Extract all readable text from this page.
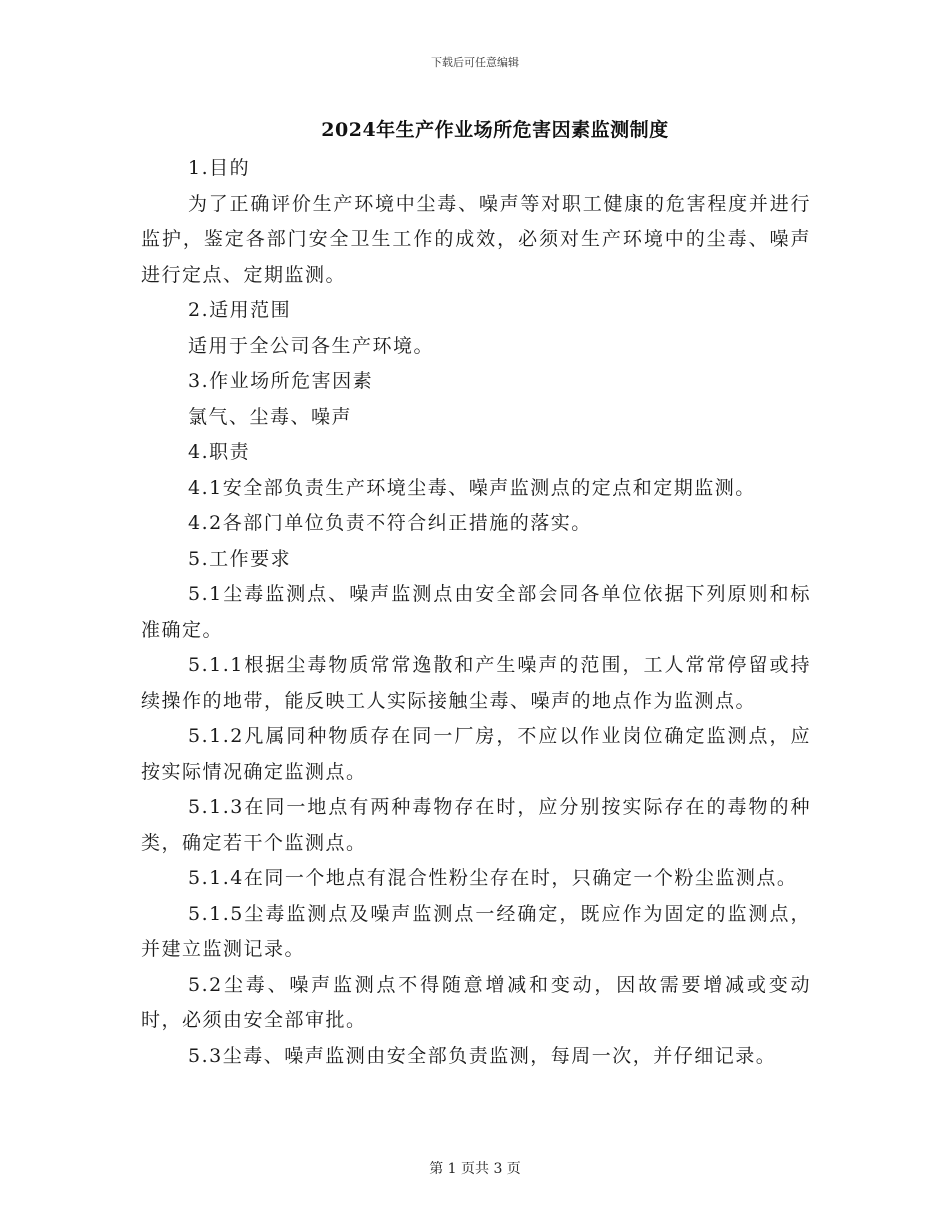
下载后可任意编辑
2024年生产作业场所危害因素监测制度

1.目的

为了正确评价生产环境中尘毒、噪声等对职工健康的危害程度并进行监护，鉴定各部门安全卫生工作的成效，必须对生产环境中的尘毒、噪声进行定点、定期监测。

2.适用范围

适用于全公司各生产环境。

3.作业场所危害因素

氯气、尘毒、噪声

4.职责

4.1安全部负责生产环境尘毒、噪声监测点的定点和定期监测。

4.2各部门单位负责不符合纠正措施的落实。

5.工作要求

5.1尘毒监测点、噪声监测点由安全部会同各单位依据下列原则和标准确定。

5.1.1根据尘毒物质常常逸散和产生噪声的范围，工人常常停留或持续操作的地带，能反映工人实际接触尘毒、噪声的地点作为监测点。

5.1.2凡属同种物质存在同一厂房，不应以作业岗位确定监测点，应按实际情况确定监测点。

5.1.3在同一地点有两种毒物存在时，应分别按实际存在的毒物的种类，确定若干个监测点。

5.1.4在同一个地点有混合性粉尘存在时，只确定一个粉尘监测点。

5.1.5尘毒监测点及噪声监测点一经确定，既应作为固定的监测点，并建立监测记录。

5.2尘毒、噪声监测点不得随意增减和变动，因故需要增减或变动时，必须由安全部审批。

5.3尘毒、噪声监测由安全部负责监测，每周一次，并仔细记录。

第 1 页共 3 页
